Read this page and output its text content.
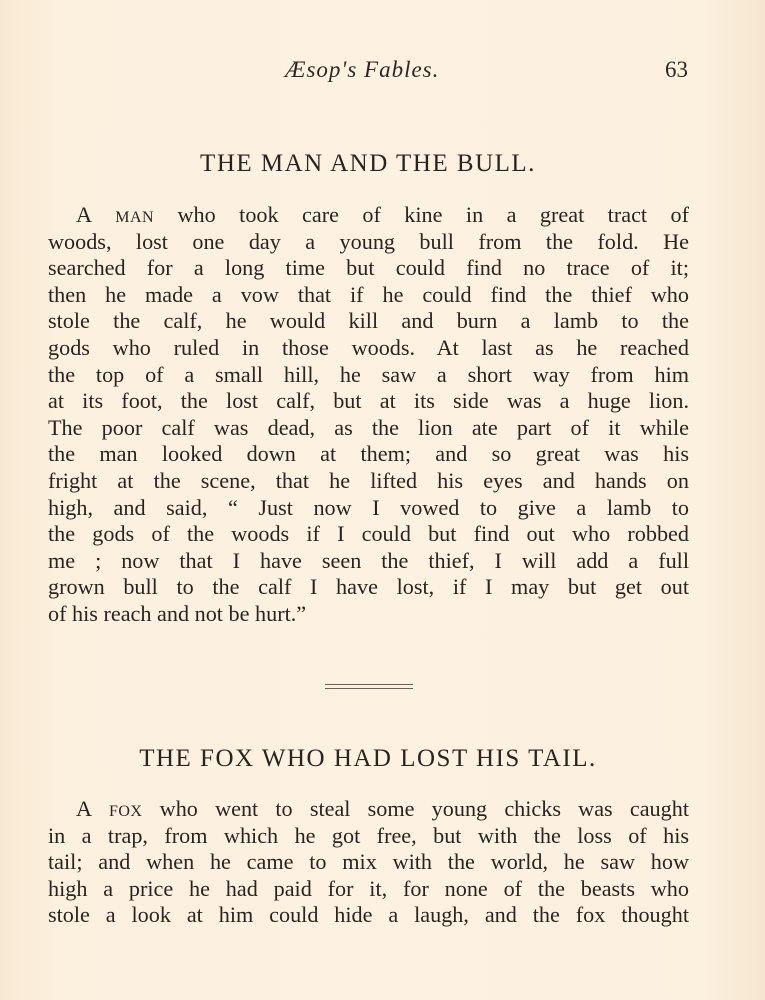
Æsop's Fables.	63
THE MAN AND THE BULL.
A man who took care of kine in a great tract of
woods, lost one day a young bull from the fold. He
searched for a long time but could find no trace of it;
then he made a vow that if he could find the thief who
stole the calf, he would kill and burn a lamb to the
gods who ruled in those woods. At last as he reached
the top of a small hill, he saw a short way from him
at its foot, the lost calf, but at its side was a huge lion.
The poor calf was dead, as the lion ate part of it while
the man looked down at them; and so great was his
fright at the scene, that he lifted his eyes and hands on
high, and said, “ Just now I vowed to give a lamb to
the gods of the woods if I could but find out who robbed
me ; now that I have seen the thief, I will add a full
grown bull to the calf I have lost, if I may but get out
of his reach and not be hurt.”
THE FOX WHO HAD LOST HIS TAIL.
A fox who went to steal some young chicks was caught
in a trap, from which he got free, but with the loss of his
tail; and when he came to mix with the world, he saw how
high a price he had paid for it, for none of the beasts who
stole a look at him could hide a laugh, and the fox thought
